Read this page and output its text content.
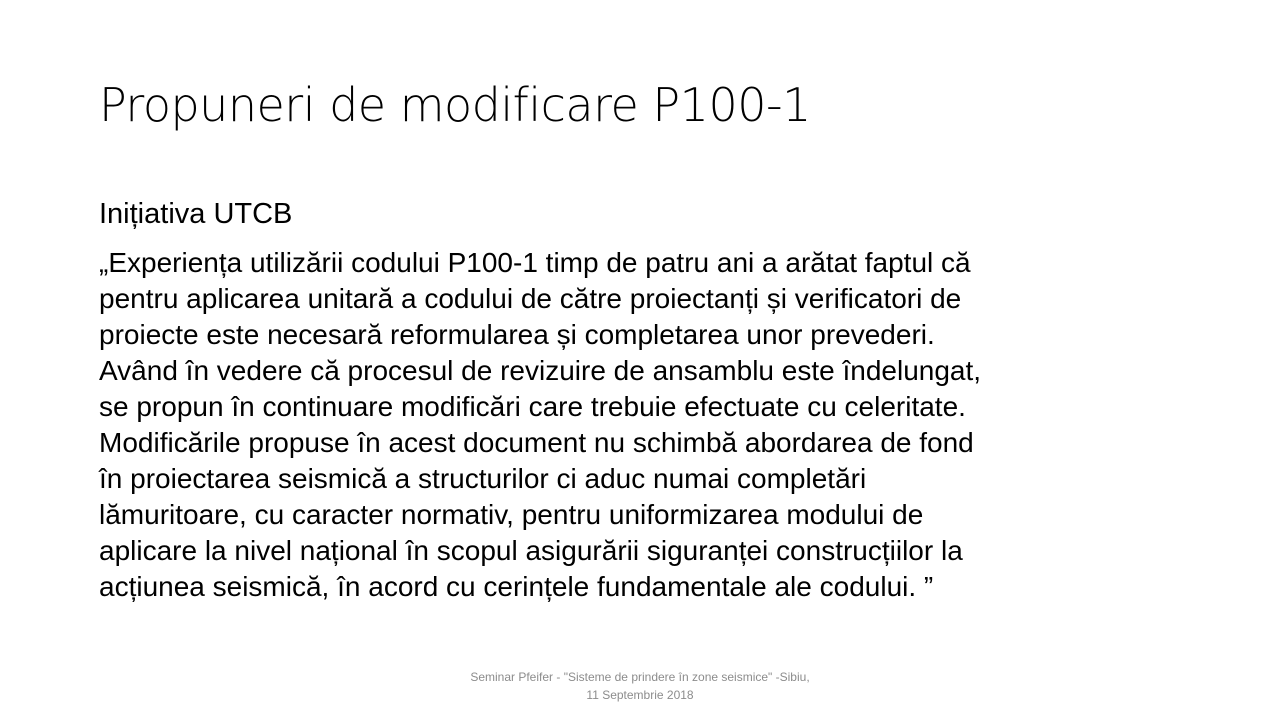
Propuneri de modificare P100-1
Inițiativa UTCB
„Experiența utilizării codului P100-1 timp de patru ani a arătat faptul că
pentru aplicarea unitară a codului de către proiectanți și verificatori de
proiecte este necesară reformularea și completarea unor prevederi.
Având în vedere că procesul de revizuire de ansamblu este îndelungat,
se propun în continuare modificări care trebuie efectuate cu celeritate.
Modificările propuse în acest document nu schimbă abordarea de fond
în proiectarea seismică a structurilor ci aduc numai completări
lămuritoare, cu caracter normativ, pentru uniformizarea modului de
aplicare la nivel național în scopul asigurării siguranței construcțiilor la
acțiunea seismică, în acord cu cerințele fundamentale ale codului. ”
Seminar Pfeifer - "Sisteme de prindere în zone seismice" -Sibiu,
11 Septembrie 2018
